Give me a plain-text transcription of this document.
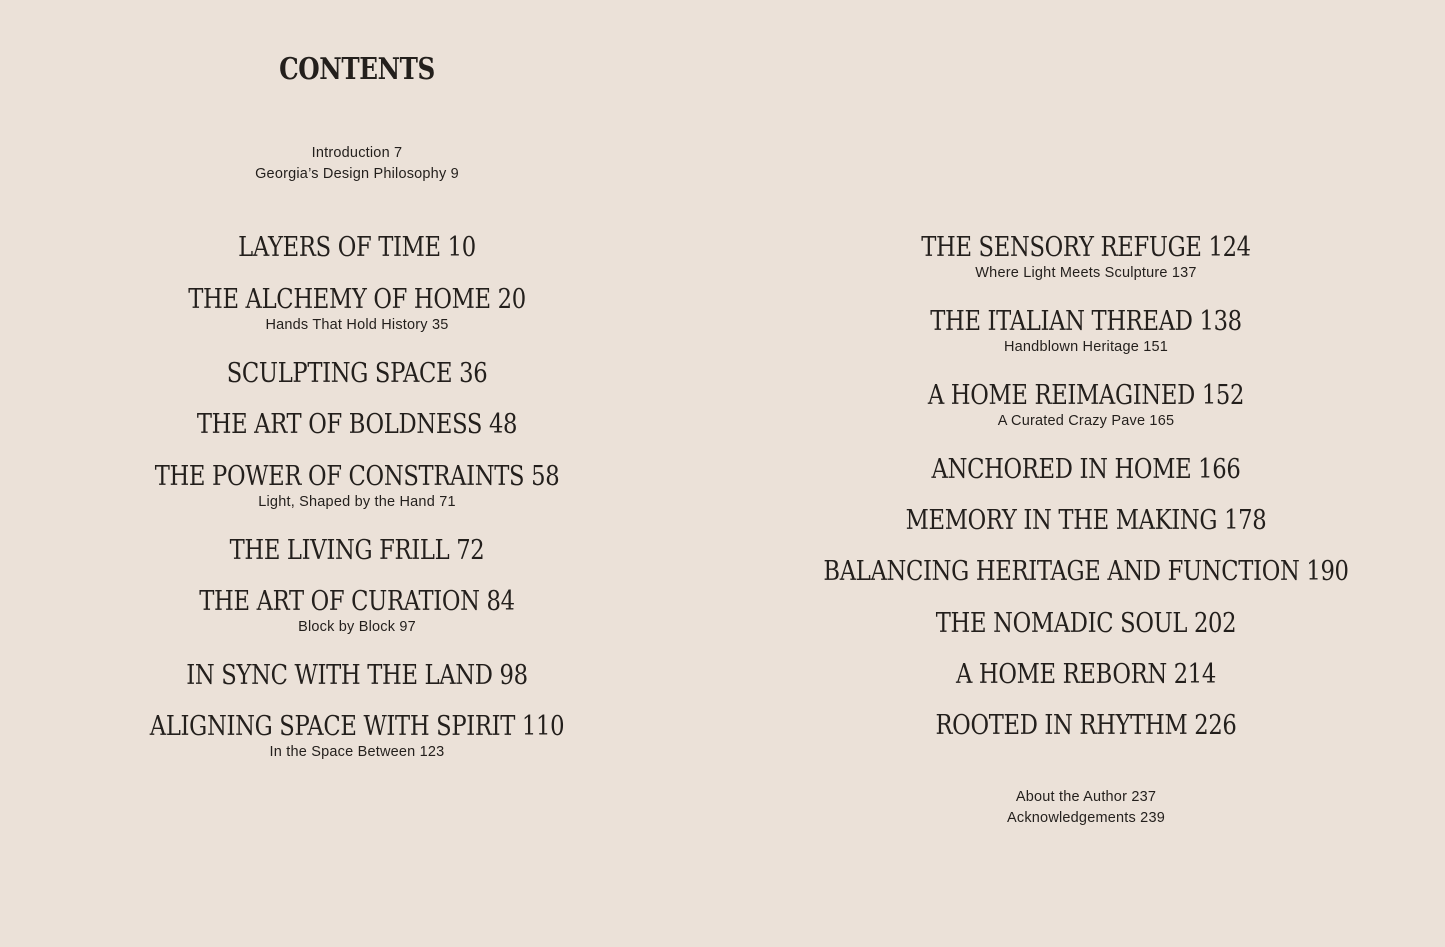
CONTENTS
Introduction 7
Georgia’s Design Philosophy 9
LAYERS OF TIME 10
THE ALCHEMY OF HOME 20
Hands That Hold History 35
SCULPTING SPACE 36
THE ART OF BOLDNESS 48
THE POWER OF CONSTRAINTS 58
Light, Shaped by the Hand 71
THE LIVING FRILL 72
THE ART OF CURATION 84
Block by Block 97
IN SYNC WITH THE LAND 98
ALIGNING SPACE WITH SPIRIT 110
In the Space Between 123
THE SENSORY REFUGE 124
Where Light Meets Sculpture 137
THE ITALIAN THREAD 138
Handblown Heritage 151
A HOME REIMAGINED 152
A Curated Crazy Pave 165
ANCHORED IN HOME 166
MEMORY IN THE MAKING 178
BALANCING HERITAGE AND FUNCTION 190
THE NOMADIC SOUL 202
A HOME REBORN 214
ROOTED IN RHYTHM 226
About the Author 237
Acknowledgements 239
